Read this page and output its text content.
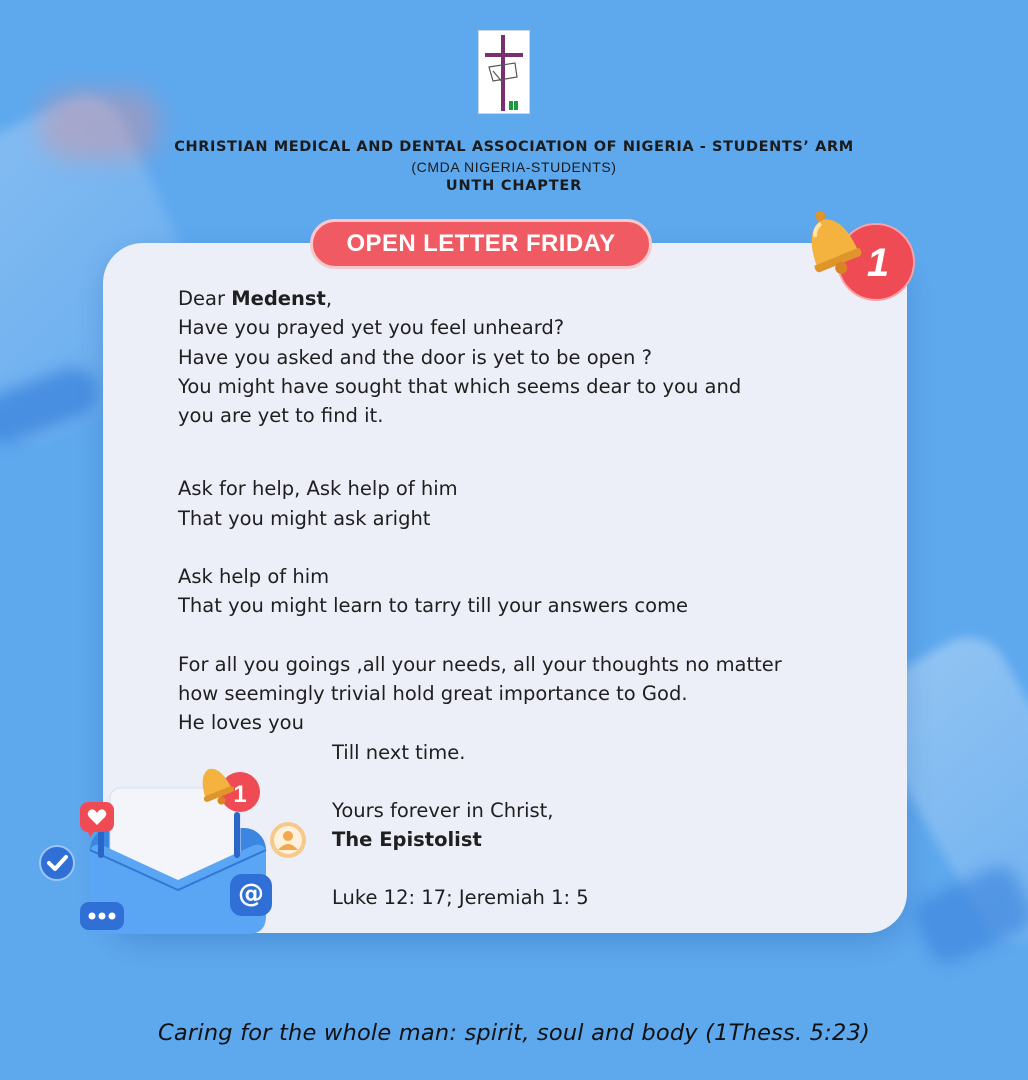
CHRISTIAN MEDICAL AND DENTAL ASSOCIATION OF NIGERIA - STUDENTS’ ARM

(CMDA NIGERIA-STUDENTS)

UNTH CHAPTER

OPEN LETTER FRIDAY	1

Dear Medenst,

Have you prayed yet you feel unheard?

Have you asked and the door is yet to be open ?

You might have sought that which seems dear to you and

you are yet to find it.

Ask for help, Ask help of him

That you might ask aright

Ask help of him

That you might learn to tarry till your answers come

For all you goings ,all your needs, all your thoughts no matter

how seemingly trivial hold great importance to God.

He loves you

Till next time.

Yours forever in Christ,

The Epistolist

Luke 12: 17; Jeremiah 1: 5

@
1
Caring for the whole man: spirit, soul and body (1Thess. 5:23)
